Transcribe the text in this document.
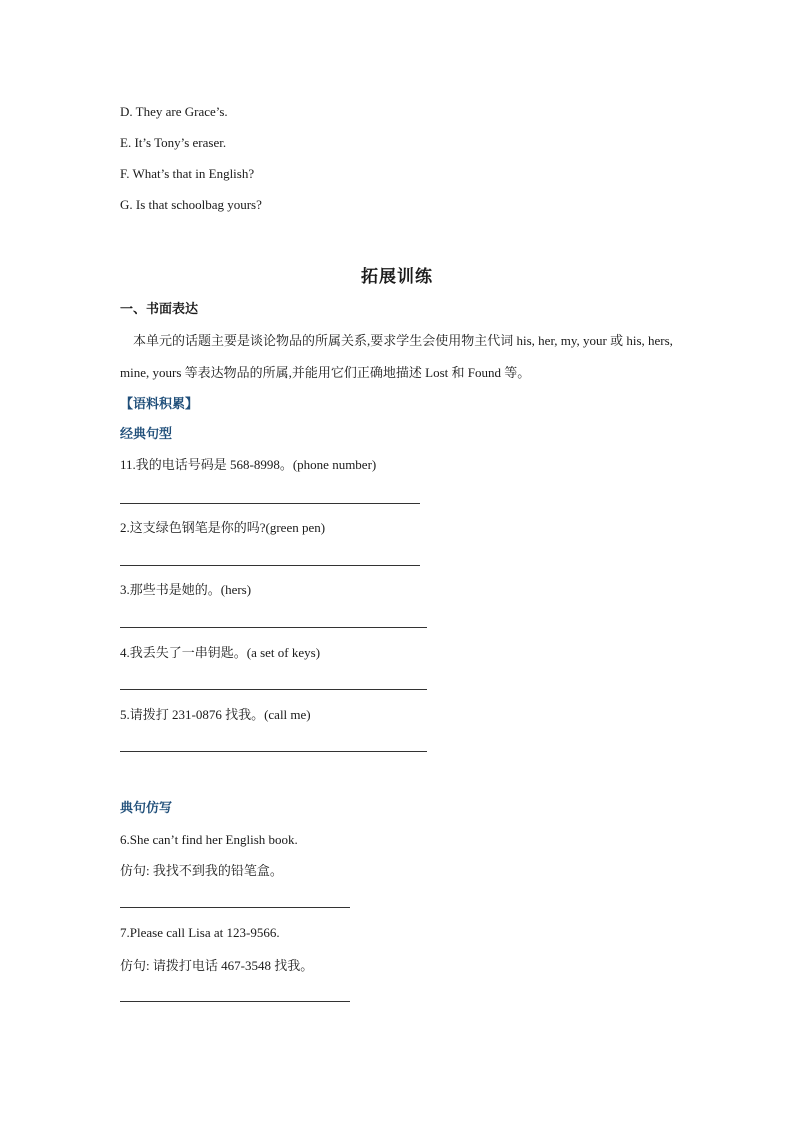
D. They are Grace’s.
E. It’s Tony’s eraser.
F. What’s that in English?
G. Is that schoolbag yours?
拓展训练
一、书面表达
本单元的话题主要是谈论物品的所属关系,要求学生会使用物主代词 his, her, my, your 或 his, hers, mine, yours 等表达物品的所属,并能用它们正确地描述 Lost 和 Found 等。
【语料积累】
经典句型
11.我的电话号码是 568-8998。(phone number)
2.这支绿色钢笔是你的吗?(green pen)
3.那些书是她的。(hers)
4.我丢失了一串钥匙。(a set of keys)
5.请拨打 231-0876 找我。(call me)
典句仿写
6.She can’t find her English book.
仿句: 我找不到我的铅笔盒。
7.Please call Lisa at 123-9566.
仿句: 请拨打电话 467-3548 找我。
